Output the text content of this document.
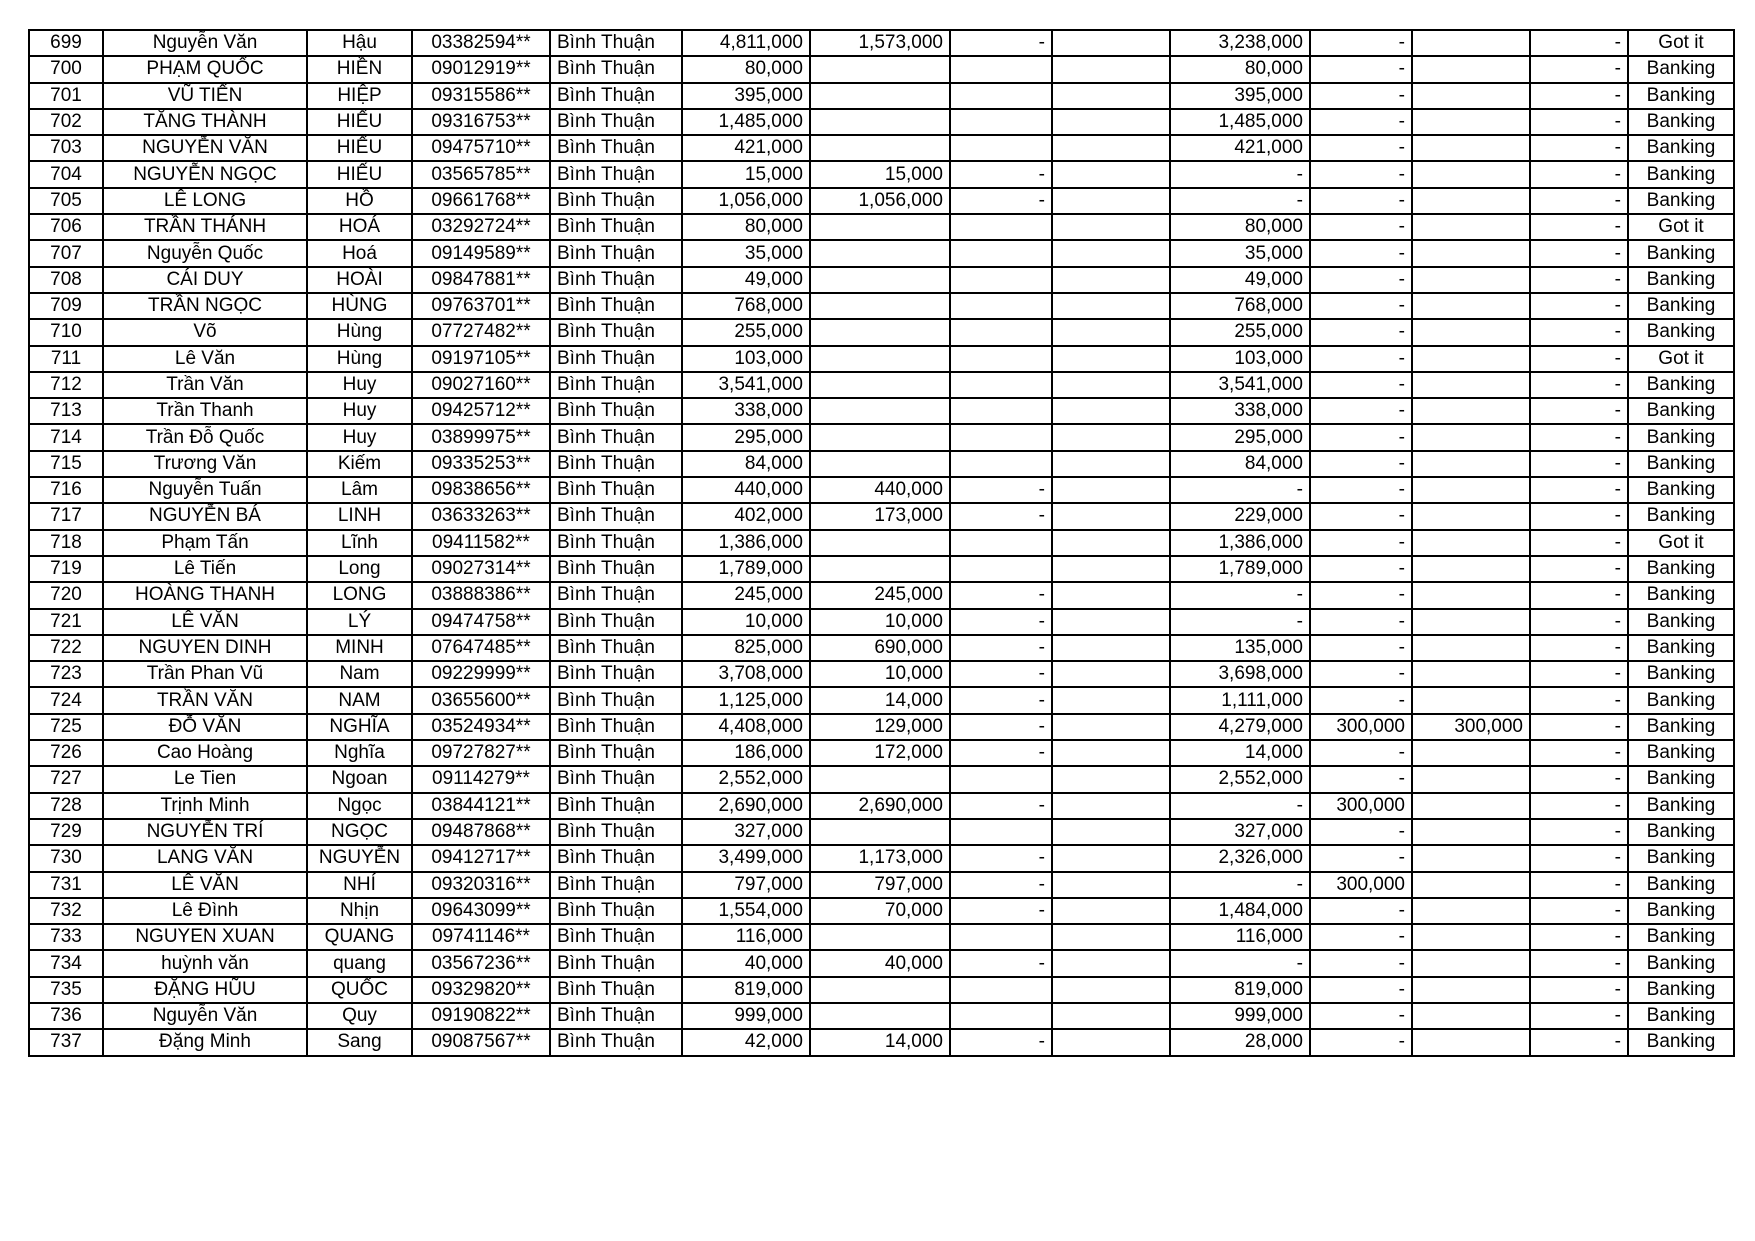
699	Nguyễn Văn	Hậu	03382594**	Bình Thuận	4,811,000	1,573,000	-		3,238,000	-		-	Got it
700	PHẠM QUỐC	HIỀN	09012919**	Bình Thuận	80,000				80,000	-		-	Banking
701	VŨ TIẾN	HIỆP	09315586**	Bình Thuận	395,000				395,000	-		-	Banking
702	TĂNG THÀNH	HIẾU	09316753**	Bình Thuận	1,485,000				1,485,000	-		-	Banking
703	NGUYỄN VĂN	HIẾU	09475710**	Bình Thuận	421,000				421,000	-		-	Banking
704	NGUYỄN NGỌC	HIẾU	03565785**	Bình Thuận	15,000	15,000	-		-	-		-	Banking
705	LÊ LONG	HỒ	09661768**	Bình Thuận	1,056,000	1,056,000	-		-	-		-	Banking
706	TRẦN THÁNH	HOÁ	03292724**	Bình Thuận	80,000				80,000	-		-	Got it
707	Nguyễn Quốc	Hoá	09149589**	Bình Thuận	35,000				35,000	-		-	Banking
708	CÁI DUY	HOÀI	09847881**	Bình Thuận	49,000				49,000	-		-	Banking
709	TRẦN NGỌC	HÙNG	09763701**	Bình Thuận	768,000				768,000	-		-	Banking
710	Võ	Hùng	07727482**	Bình Thuận	255,000				255,000	-		-	Banking
711	Lê Văn	Hùng	09197105**	Bình Thuận	103,000				103,000	-		-	Got it
712	Trần Văn	Huy	09027160**	Bình Thuận	3,541,000				3,541,000	-		-	Banking
713	Trần Thanh	Huy	09425712**	Bình Thuận	338,000				338,000	-		-	Banking
714	Trần Đỗ Quốc	Huy	03899975**	Bình Thuận	295,000				295,000	-		-	Banking
715	Trương Văn	Kiếm	09335253**	Bình Thuận	84,000				84,000	-		-	Banking
716	Nguyễn Tuấn	Lâm	09838656**	Bình Thuận	440,000	440,000	-		-	-		-	Banking
717	NGUYỄN BÁ	LINH	03633263**	Bình Thuận	402,000	173,000	-		229,000	-		-	Banking
718	Phạm Tấn	Lĩnh	09411582**	Bình Thuận	1,386,000				1,386,000	-		-	Got it
719	Lê Tiến	Long	09027314**	Bình Thuận	1,789,000				1,789,000	-		-	Banking
720	HOÀNG THANH	LONG	03888386**	Bình Thuận	245,000	245,000	-		-	-		-	Banking
721	LÊ VĂN	LÝ	09474758**	Bình Thuận	10,000	10,000	-		-	-		-	Banking
722	NGUYEN DINH	MINH	07647485**	Bình Thuận	825,000	690,000	-		135,000	-		-	Banking
723	Trần Phan Vũ	Nam	09229999**	Bình Thuận	3,708,000	10,000	-		3,698,000	-		-	Banking
724	TRẦN VĂN	NAM	03655600**	Bình Thuận	1,125,000	14,000	-		1,111,000	-		-	Banking
725	ĐỖ VĂN	NGHĨA	03524934**	Bình Thuận	4,408,000	129,000	-		4,279,000	300,000	300,000	-	Banking
726	Cao Hoàng	Nghĩa	09727827**	Bình Thuận	186,000	172,000	-		14,000	-		-	Banking
727	Le Tien	Ngoan	09114279**	Bình Thuận	2,552,000				2,552,000	-		-	Banking
728	Trịnh Minh	Ngọc	03844121**	Bình Thuận	2,690,000	2,690,000	-		-	300,000		-	Banking
729	NGUYỄN TRÍ	NGỌC	09487868**	Bình Thuận	327,000				327,000	-		-	Banking
730	LANG VĂN	NGUYỄN	09412717**	Bình Thuận	3,499,000	1,173,000	-		2,326,000	-		-	Banking
731	LÊ VĂN	NHÍ	09320316**	Bình Thuận	797,000	797,000	-		-	300,000		-	Banking
732	Lê Đình	Nhịn	09643099**	Bình Thuận	1,554,000	70,000	-		1,484,000	-		-	Banking
733	NGUYEN XUAN	QUANG	09741146**	Bình Thuận	116,000				116,000	-		-	Banking
734	huỳnh văn	quang	03567236**	Bình Thuận	40,000	40,000	-		-	-		-	Banking
735	ĐẶNG HŨU	QUỐC	09329820**	Bình Thuận	819,000				819,000	-		-	Banking
736	Nguyễn Văn	Quy	09190822**	Bình Thuận	999,000				999,000	-		-	Banking
737	Đặng Minh	Sang	09087567**	Bình Thuận	42,000	14,000	-		28,000	-		-	Banking
